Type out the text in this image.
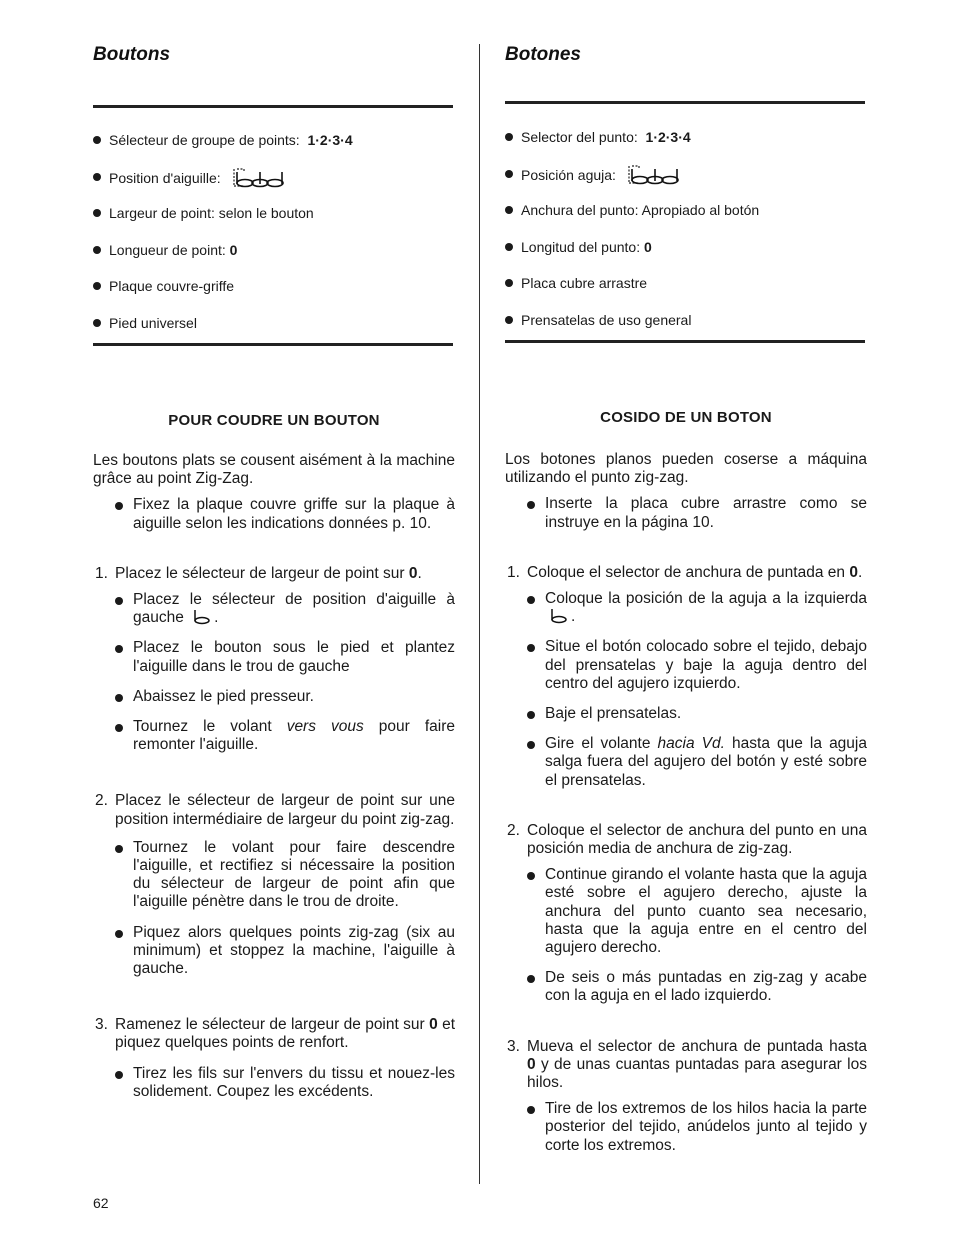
Boutons
Sélecteur de groupe de points: 1·2·3·4
Position d'aiguille:
Largeur de point: selon le bouton
Longueur de point: 0
Plaque couvre-griffe
Pied universel
POUR COUDRE UN BOUTON

Les boutons plats se cousent aisément à la machine grâce au point Zig-Zag.

Fixez la plaque couvre griffe sur la plaque à aiguille selon les indications données p. 10.
1. Placez le sélecteur de largeur de point sur 0.
Placez le sélecteur de position d'aiguille à gauche .
Placez le bouton sous le pied et plantez l'aiguille dans le trou de gauche
Abaissez le pied presseur.
Tournez le volant vers vous pour faire remonter l'aiguille.
2. Placez le sélecteur de largeur de point sur une position intermédiaire de largeur du point zig-zag.
Tournez le volant pour faire descendre l'aiguille, et rectifiez si nécessaire la position du sélecteur de largeur de point afin que l'aiguille pénètre dans le trou de droite.
Piquez alors quelques points zig-zag (six au minimum) et stoppez la machine, l'aiguille à gauche.
3. Ramenez le sélecteur de largeur de point sur 0 et piquez quelques points de renfort.
Tirez les fils sur l'envers du tissu et nouez-les solidement. Coupez les excédents.
Botones
Selector del punto: 1·2·3·4
Posición aguja:
Anchura del punto: Apropiado al botón
Longitud del punto: 0
Placa cubre arrastre
Prensatelas de uso general
COSIDO DE UN BOTON

Los botones planos pueden coserse a máquina utilizando el punto zig-zag.

Inserte la placa cubre arrastre como se instruye en la página 10.
1. Coloque el selector de anchura de puntada en 0.
Coloque la posición de la aguja a la izquierda .
Situe el botón colocado sobre el tejido, debajo del prensatelas y baje la aguja dentro del centro del agujero izquierdo.
Baje el prensatelas.
Gire el volante hacia Vd. hasta que la aguja salga fuera del agujero del botón y esté sobre el prensatelas.
2. Coloque el selector de anchura del punto en una posición media de anchura de zig-zag.
Continue girando el volante hasta que la aguja esté sobre el agujero derecho, ajuste la anchura del punto cuanto sea necesario, hasta que la aguja entre en el centro del agujero derecho.
De seis o más puntadas en zig-zag y acabe con la aguja en el lado izquierdo.
3. Mueva el selector de anchura de puntada hasta 0 y de unas cuantas puntadas para asegurar los hilos.
Tire de los extremos de los hilos hacia la parte posterior del tejido, anúdelos junto al tejido y corte los extremos.
62
